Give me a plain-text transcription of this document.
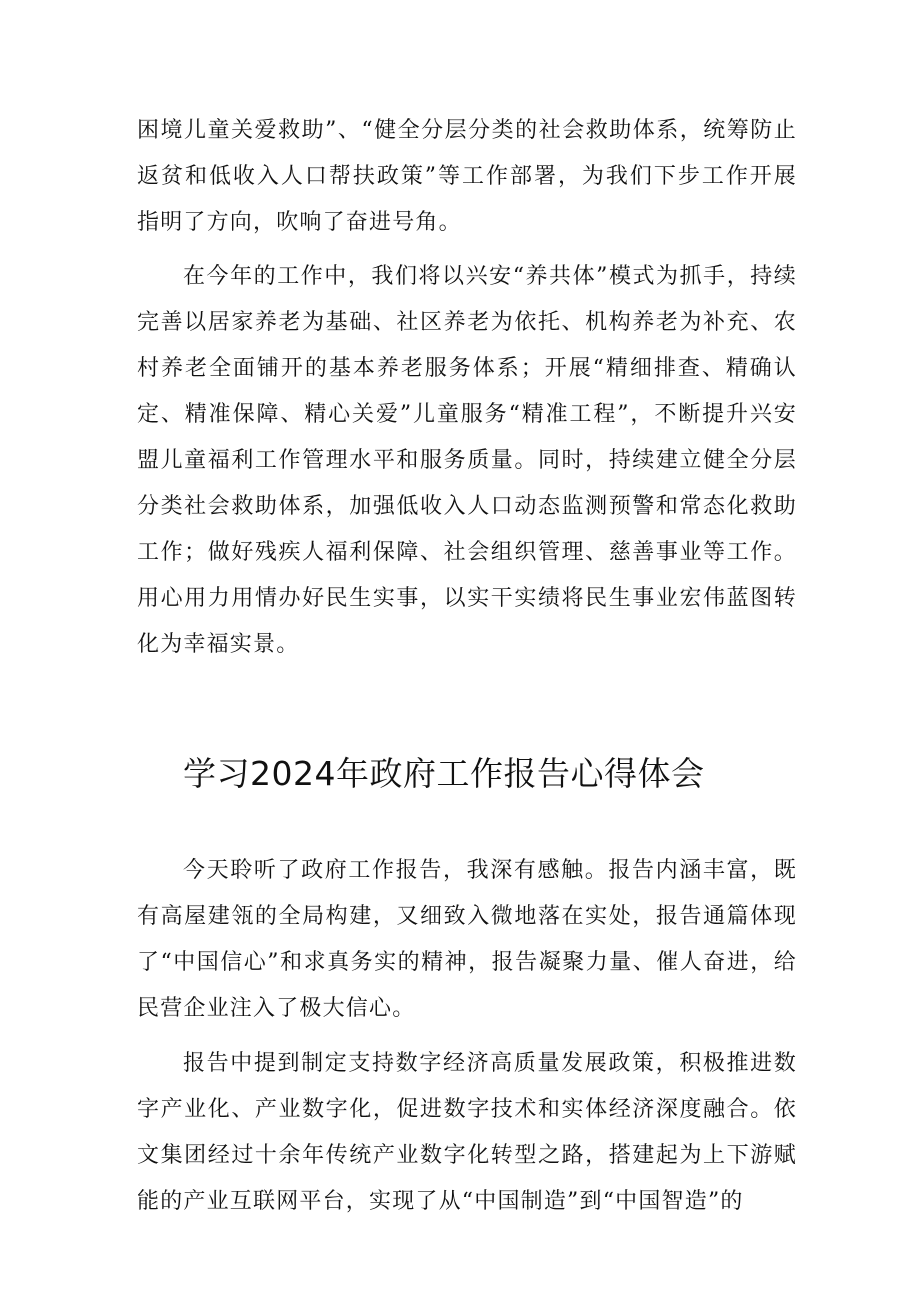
困境儿童关爱救助”、“健全分层分类的社会救助体系，统筹防止返贫和低收入人口帮扶政策”等工作部署，为我们下步工作开展指明了方向，吹响了奋进号角。

在今年的工作中，我们将以兴安“养共体”模式为抓手，持续完善以居家养老为基础、社区养老为依托、机构养老为补充、农村养老全面铺开的基本养老服务体系；开展“精细排查、精确认定、精准保障、精心关爱”儿童服务“精准工程”，不断提升兴安盟儿童福利工作管理水平和服务质量。同时，持续建立健全分层分类社会救助体系，加强低收入人口动态监测预警和常态化救助工作；做好残疾人福利保障、社会组织管理、慈善事业等工作。用心用力用情办好民生实事，以实干实绩将民生事业宏伟蓝图转化为幸福实景。

学习2024年政府工作报告心得体会

今天聆听了政府工作报告，我深有感触。报告内涵丰富，既有高屋建瓴的全局构建，又细致入微地落在实处，报告通篇体现了“中国信心”和求真务实的精神，报告凝聚力量、催人奋进，给民营企业注入了极大信心。

报告中提到制定支持数字经济高质量发展政策，积极推进数字产业化、产业数字化，促进数字技术和实体经济深度融合。依文集团经过十余年传统产业数字化转型之路，搭建起为上下游赋能的产业互联网平台，实现了从“中国制造”到“中国智造”的
